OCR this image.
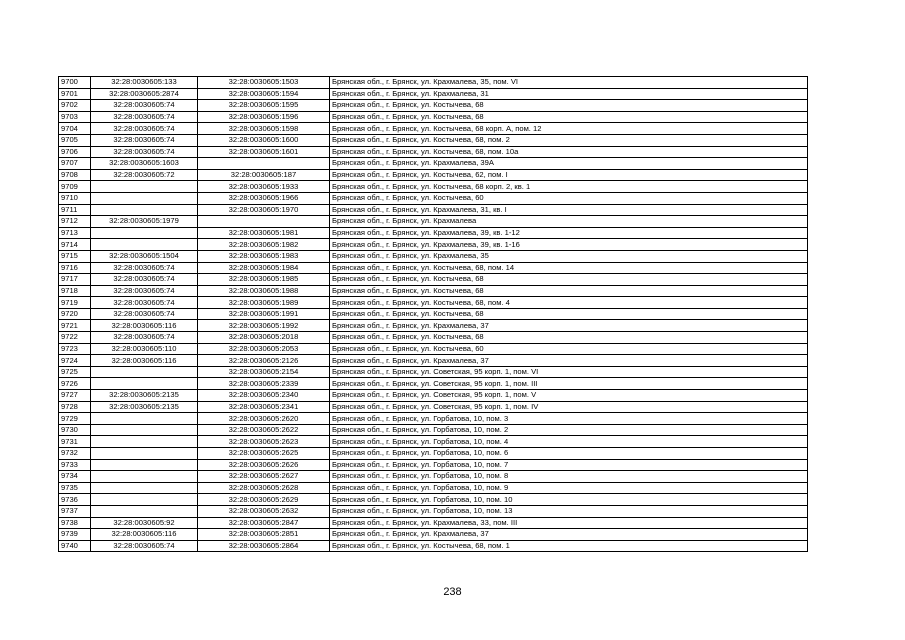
9700	32:28:0030605:133	32:28:0030605:1503	Брянская обл., г. Брянск, ул. Крахмалева, 35, пом. VI
9701	32:28:0030605:2874	32:28:0030605:1594	Брянская обл., г. Брянск, ул. Крахмалева, 31
9702	32:28:0030605:74	32:28:0030605:1595	Брянская обл., г. Брянск, ул. Костычева, 68
9703	32:28:0030605:74	32:28:0030605:1596	Брянская обл., г. Брянск, ул. Костычева, 68
9704	32:28:0030605:74	32:28:0030605:1598	Брянская обл., г. Брянск, ул. Костычева, 68 корп. А, пом. 12
9705	32:28:0030605:74	32:28:0030605:1600	Брянская обл., г. Брянск, ул. Костычева, 68, пом. 2
9706	32:28:0030605:74	32:28:0030605:1601	Брянская обл., г. Брянск, ул. Костычева, 68, пом. 10а
9707	32:28:0030605:1603		Брянская обл., г. Брянск, ул. Крахмалева, 39А
9708	32:28:0030605:72	32:28:0030605:187	Брянская обл., г. Брянск, ул. Костычева, 62, пом. I
9709		32:28:0030605:1933	Брянская обл., г. Брянск, ул. Костычева, 68 корп. 2, кв. 1
9710		32:28:0030605:1966	Брянская обл., г. Брянск, ул. Костычева, 60
9711		32:28:0030605:1970	Брянская обл., г. Брянск, ул. Крахмалева, 31, кв. I
9712	32:28:0030605:1979		Брянская обл., г. Брянск, ул. Крахмалева
9713		32:28:0030605:1981	Брянская обл., г. Брянск, ул. Крахмалева, 39, кв. 1-12
9714		32:28:0030605:1982	Брянская обл., г. Брянск, ул. Крахмалева, 39, кв. 1-16
9715	32:28:0030605:1504	32:28:0030605:1983	Брянская обл., г. Брянск, ул. Крахмалева, 35
9716	32:28:0030605:74	32:28:0030605:1984	Брянская обл., г. Брянск, ул. Костычева, 68, пом. 14
9717	32:28:0030605:74	32:28:0030605:1985	Брянская обл., г. Брянск, ул. Костычева, 68
9718	32:28:0030605:74	32:28:0030605:1988	Брянская обл., г. Брянск, ул. Костычева, 68
9719	32:28:0030605:74	32:28:0030605:1989	Брянская обл., г. Брянск, ул. Костычева, 68, пом. 4
9720	32:28:0030605:74	32:28:0030605:1991	Брянская обл., г. Брянск, ул. Костычева, 68
9721	32:28:0030605:116	32:28:0030605:1992	Брянская обл., г. Брянск, ул. Крахмалева, 37
9722	32:28:0030605:74	32:28:0030605:2018	Брянская обл., г. Брянск, ул. Костычева, 68
9723	32:28:0030605:110	32:28:0030605:2053	Брянская обл., г. Брянск, ул. Костычева, 60
9724	32:28:0030605:116	32:28:0030605:2126	Брянская обл., г. Брянск, ул. Крахмалева, 37
9725		32:28:0030605:2154	Брянская обл., г. Брянск, ул. Советская, 95 корп. 1, пом. VI
9726		32:28:0030605:2339	Брянская обл., г. Брянск, ул. Советская, 95 корп. 1, пом. III
9727	32:28:0030605:2135	32:28:0030605:2340	Брянская обл., г. Брянск, ул. Советская, 95 корп. 1, пом. V
9728	32:28:0030605:2135	32:28:0030605:2341	Брянская обл., г. Брянск, ул. Советская, 95 корп. 1, пом. IV
9729		32:28:0030605:2620	Брянская обл., г. Брянск, ул. Горбатова, 10, пом. 3
9730		32:28:0030605:2622	Брянская обл., г. Брянск, ул. Горбатова, 10, пом. 2
9731		32:28:0030605:2623	Брянская обл., г. Брянск, ул. Горбатова, 10, пом. 4
9732		32:28:0030605:2625	Брянская обл., г. Брянск, ул. Горбатова, 10, пом. 6
9733		32:28:0030605:2626	Брянская обл., г. Брянск, ул. Горбатова, 10, пом. 7
9734		32:28:0030605:2627	Брянская обл., г. Брянск, ул. Горбатова, 10, пом. 8
9735		32:28:0030605:2628	Брянская обл., г. Брянск, ул. Горбатова, 10, пом. 9
9736		32:28:0030605:2629	Брянская обл., г. Брянск, ул. Горбатова, 10, пом. 10
9737		32:28:0030605:2632	Брянская обл., г. Брянск, ул. Горбатова, 10, пом. 13
9738	32:28:0030605:92	32:28:0030605:2847	Брянская обл., г. Брянск, ул. Крахмалева, 33, пом. III
9739	32:28:0030605:116	32:28:0030605:2851	Брянская обл., г. Брянск, ул. Крахмалева, 37
9740	32:28:0030605:74	32:28:0030605:2864	Брянская обл., г. Брянск, ул. Костычева, 68, пом. 1
238
